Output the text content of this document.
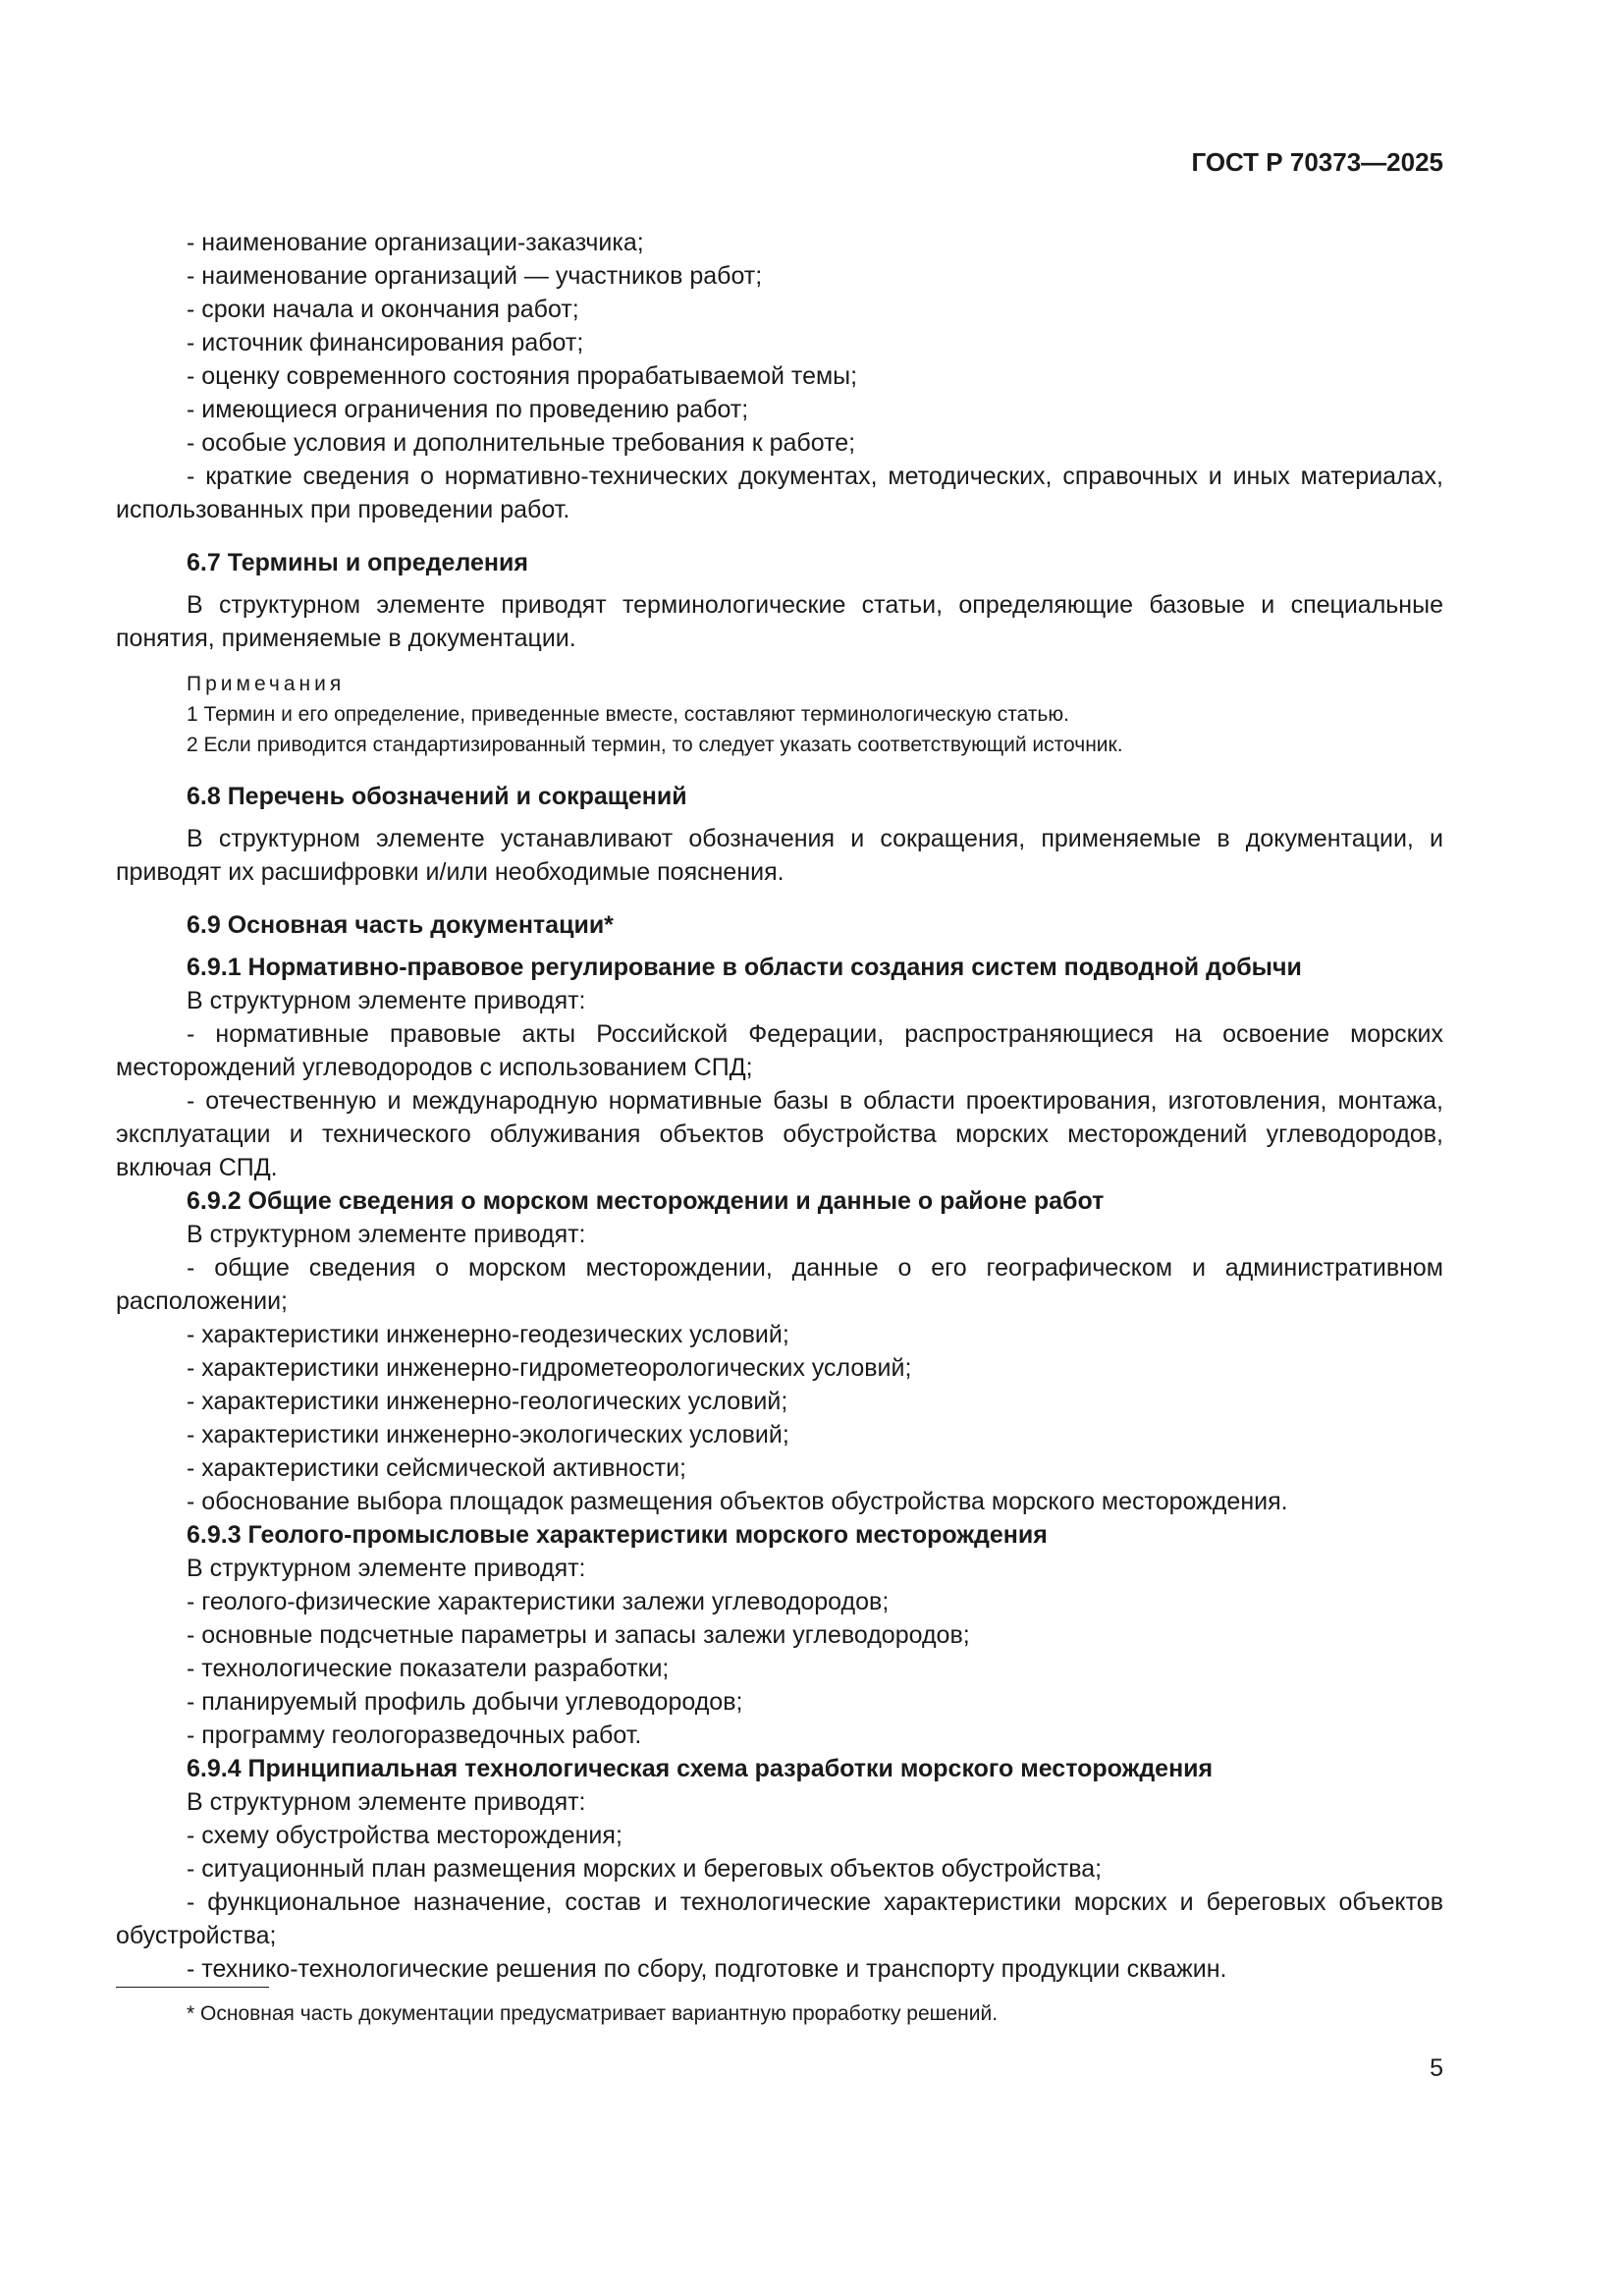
ГОСТ Р 70373—2025
- наименование организации-заказчика;
- наименование организаций — участников работ;
- сроки начала и окончания работ;
- источник финансирования работ;
- оценку современного состояния прорабатываемой темы;
- имеющиеся ограничения по проведению работ;
- особые условия и дополнительные требования к работе;
- краткие сведения о нормативно-технических документах, методических, справочных и иных материалах, использованных при проведении работ.
6.7 Термины и определения
В структурном элементе приводят терминологические статьи, определяющие базовые и специальные понятия, применяемые в документации.
Примечания
1 Термин и его определение, приведенные вместе, составляют терминологическую статью.
2 Если приводится стандартизированный термин, то следует указать соответствующий источник.
6.8 Перечень обозначений и сокращений
В структурном элементе устанавливают обозначения и сокращения, применяемые в документации, и приводят их расшифровки и/или необходимые пояснения.
6.9 Основная часть документации*
6.9.1 Нормативно-правовое регулирование в области создания систем подводной добычи
В структурном элементе приводят:
- нормативные правовые акты Российской Федерации, распространяющиеся на освоение морских месторождений углеводородов с использованием СПД;
- отечественную и международную нормативные базы в области проектирования, изготовления, монтажа, эксплуатации и технического облуживания объектов обустройства морских месторождений углеводородов, включая СПД.
6.9.2 Общие сведения о морском месторождении и данные о районе работ
В структурном элементе приводят:
- общие сведения о морском месторождении, данные о его географическом и административном расположении;
- характеристики инженерно-геодезических условий;
- характеристики инженерно-гидрометеорологических условий;
- характеристики инженерно-геологических условий;
- характеристики инженерно-экологических условий;
- характеристики сейсмической активности;
- обоснование выбора площадок размещения объектов обустройства морского месторождения.
6.9.3 Геолого-промысловые характеристики морского месторождения
В структурном элементе приводят:
- геолого-физические характеристики залежи углеводородов;
- основные подсчетные параметры и запасы залежи углеводородов;
- технологические показатели разработки;
- планируемый профиль добычи углеводородов;
- программу геологоразведочных работ.
6.9.4 Принципиальная технологическая схема разработки морского месторождения
В структурном элементе приводят:
- схему обустройства месторождения;
- ситуационный план размещения морских и береговых объектов обустройства;
- функциональное назначение, состав и технологические характеристики морских и береговых объектов обустройства;
- технико-технологические решения по сбору, подготовке и транспорту продукции скважин.
* Основная часть документации предусматривает вариантную проработку решений.
5
